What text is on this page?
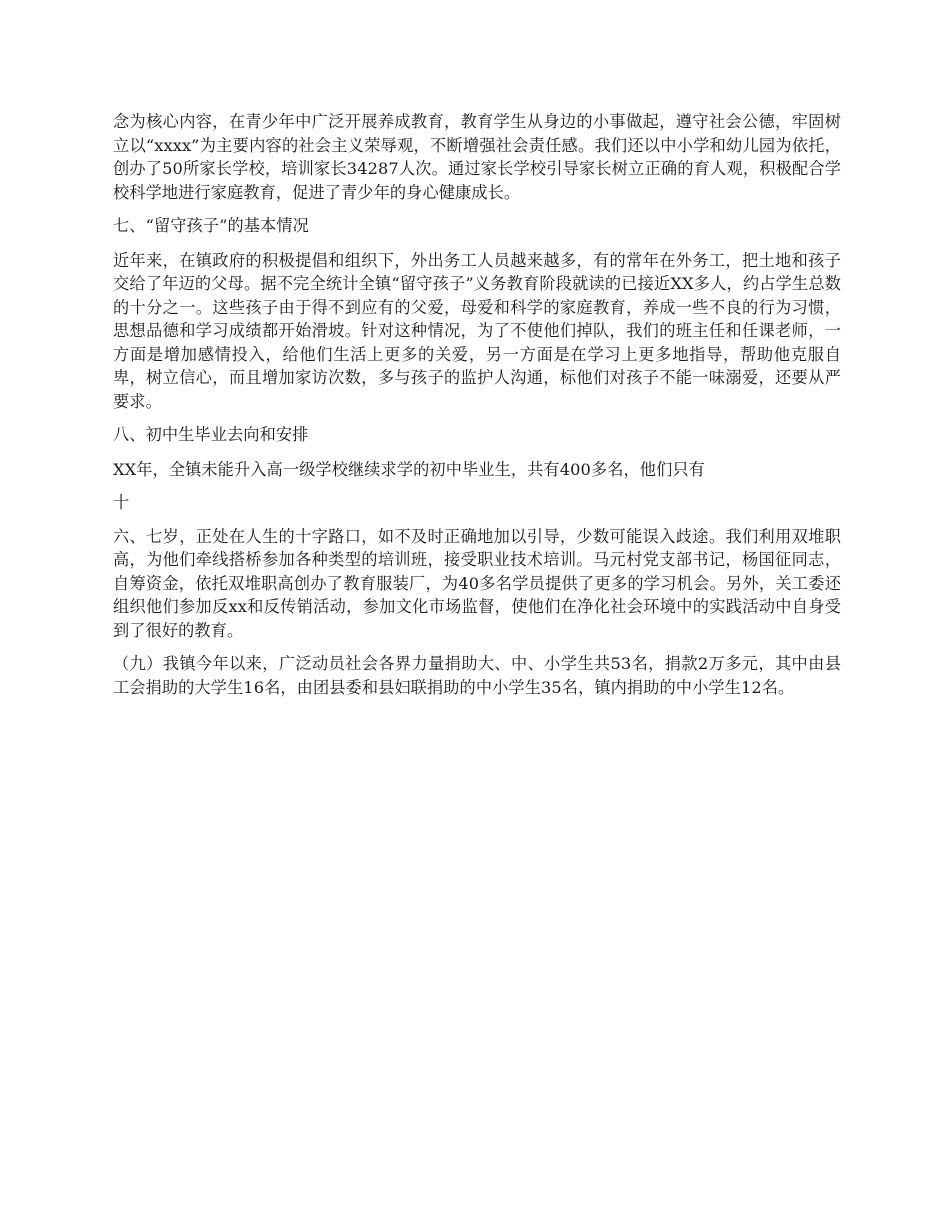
念为核心内容，在青少年中广泛开展养成教育，教育学生从身边的小事做起，遵守社会公德，牢固树立以“xxxx”为主要内容的社会主义荣辱观，不断增强社会责任感。我们还以中小学和幼儿园为依托，创办了50所家长学校，培训家长34287人次。通过家长学校引导家长树立正确的育人观，积极配合学校科学地进行家庭教育，促进了青少年的身心健康成长。

七、“留守孩子”的基本情况

近年来，在镇政府的积极提倡和组织下，外出务工人员越来越多，有的常年在外务工，把土地和孩子交给了年迈的父母。据不完全统计全镇“留守孩子”义务教育阶段就读的已接近XX多人，约占学生总数的十分之一。这些孩子由于得不到应有的父爱，母爱和科学的家庭教育，养成一些不良的行为习惯，思想品德和学习成绩都开始滑坡。针对这种情况，为了不使他们掉队，我们的班主任和任课老师，一方面是增加感情投入，给他们生活上更多的关爱，另一方面是在学习上更多地指导，帮助他克服自卑，树立信心，而且增加家访次数，多与孩子的监护人沟通，标他们对孩子不能一味溺爱，还要从严要求。

八、初中生毕业去向和安排

XX年，全镇未能升入高一级学校继续求学的初中毕业生，共有400多名，他们只有

十

六、七岁，正处在人生的十字路口，如不及时正确地加以引导，少数可能误入歧途。我们利用双堆职高，为他们牵线搭桥参加各种类型的培训班，接受职业技术培训。马元村党支部书记，杨国征同志，自筹资金，依托双堆职高创办了教育服装厂，为40多名学员提供了更多的学习机会。另外，关工委还组织他们参加反xx和反传销活动，参加文化市场监督，使他们在净化社会环境中的实践活动中自身受到了很好的教育。

（九）我镇今年以来，广泛动员社会各界力量捐助大、中、小学生共53名，捐款2万多元，其中由县工会捐助的大学生16名，由团县委和县妇联捐助的中小学生35名，镇内捐助的中小学生12名。
